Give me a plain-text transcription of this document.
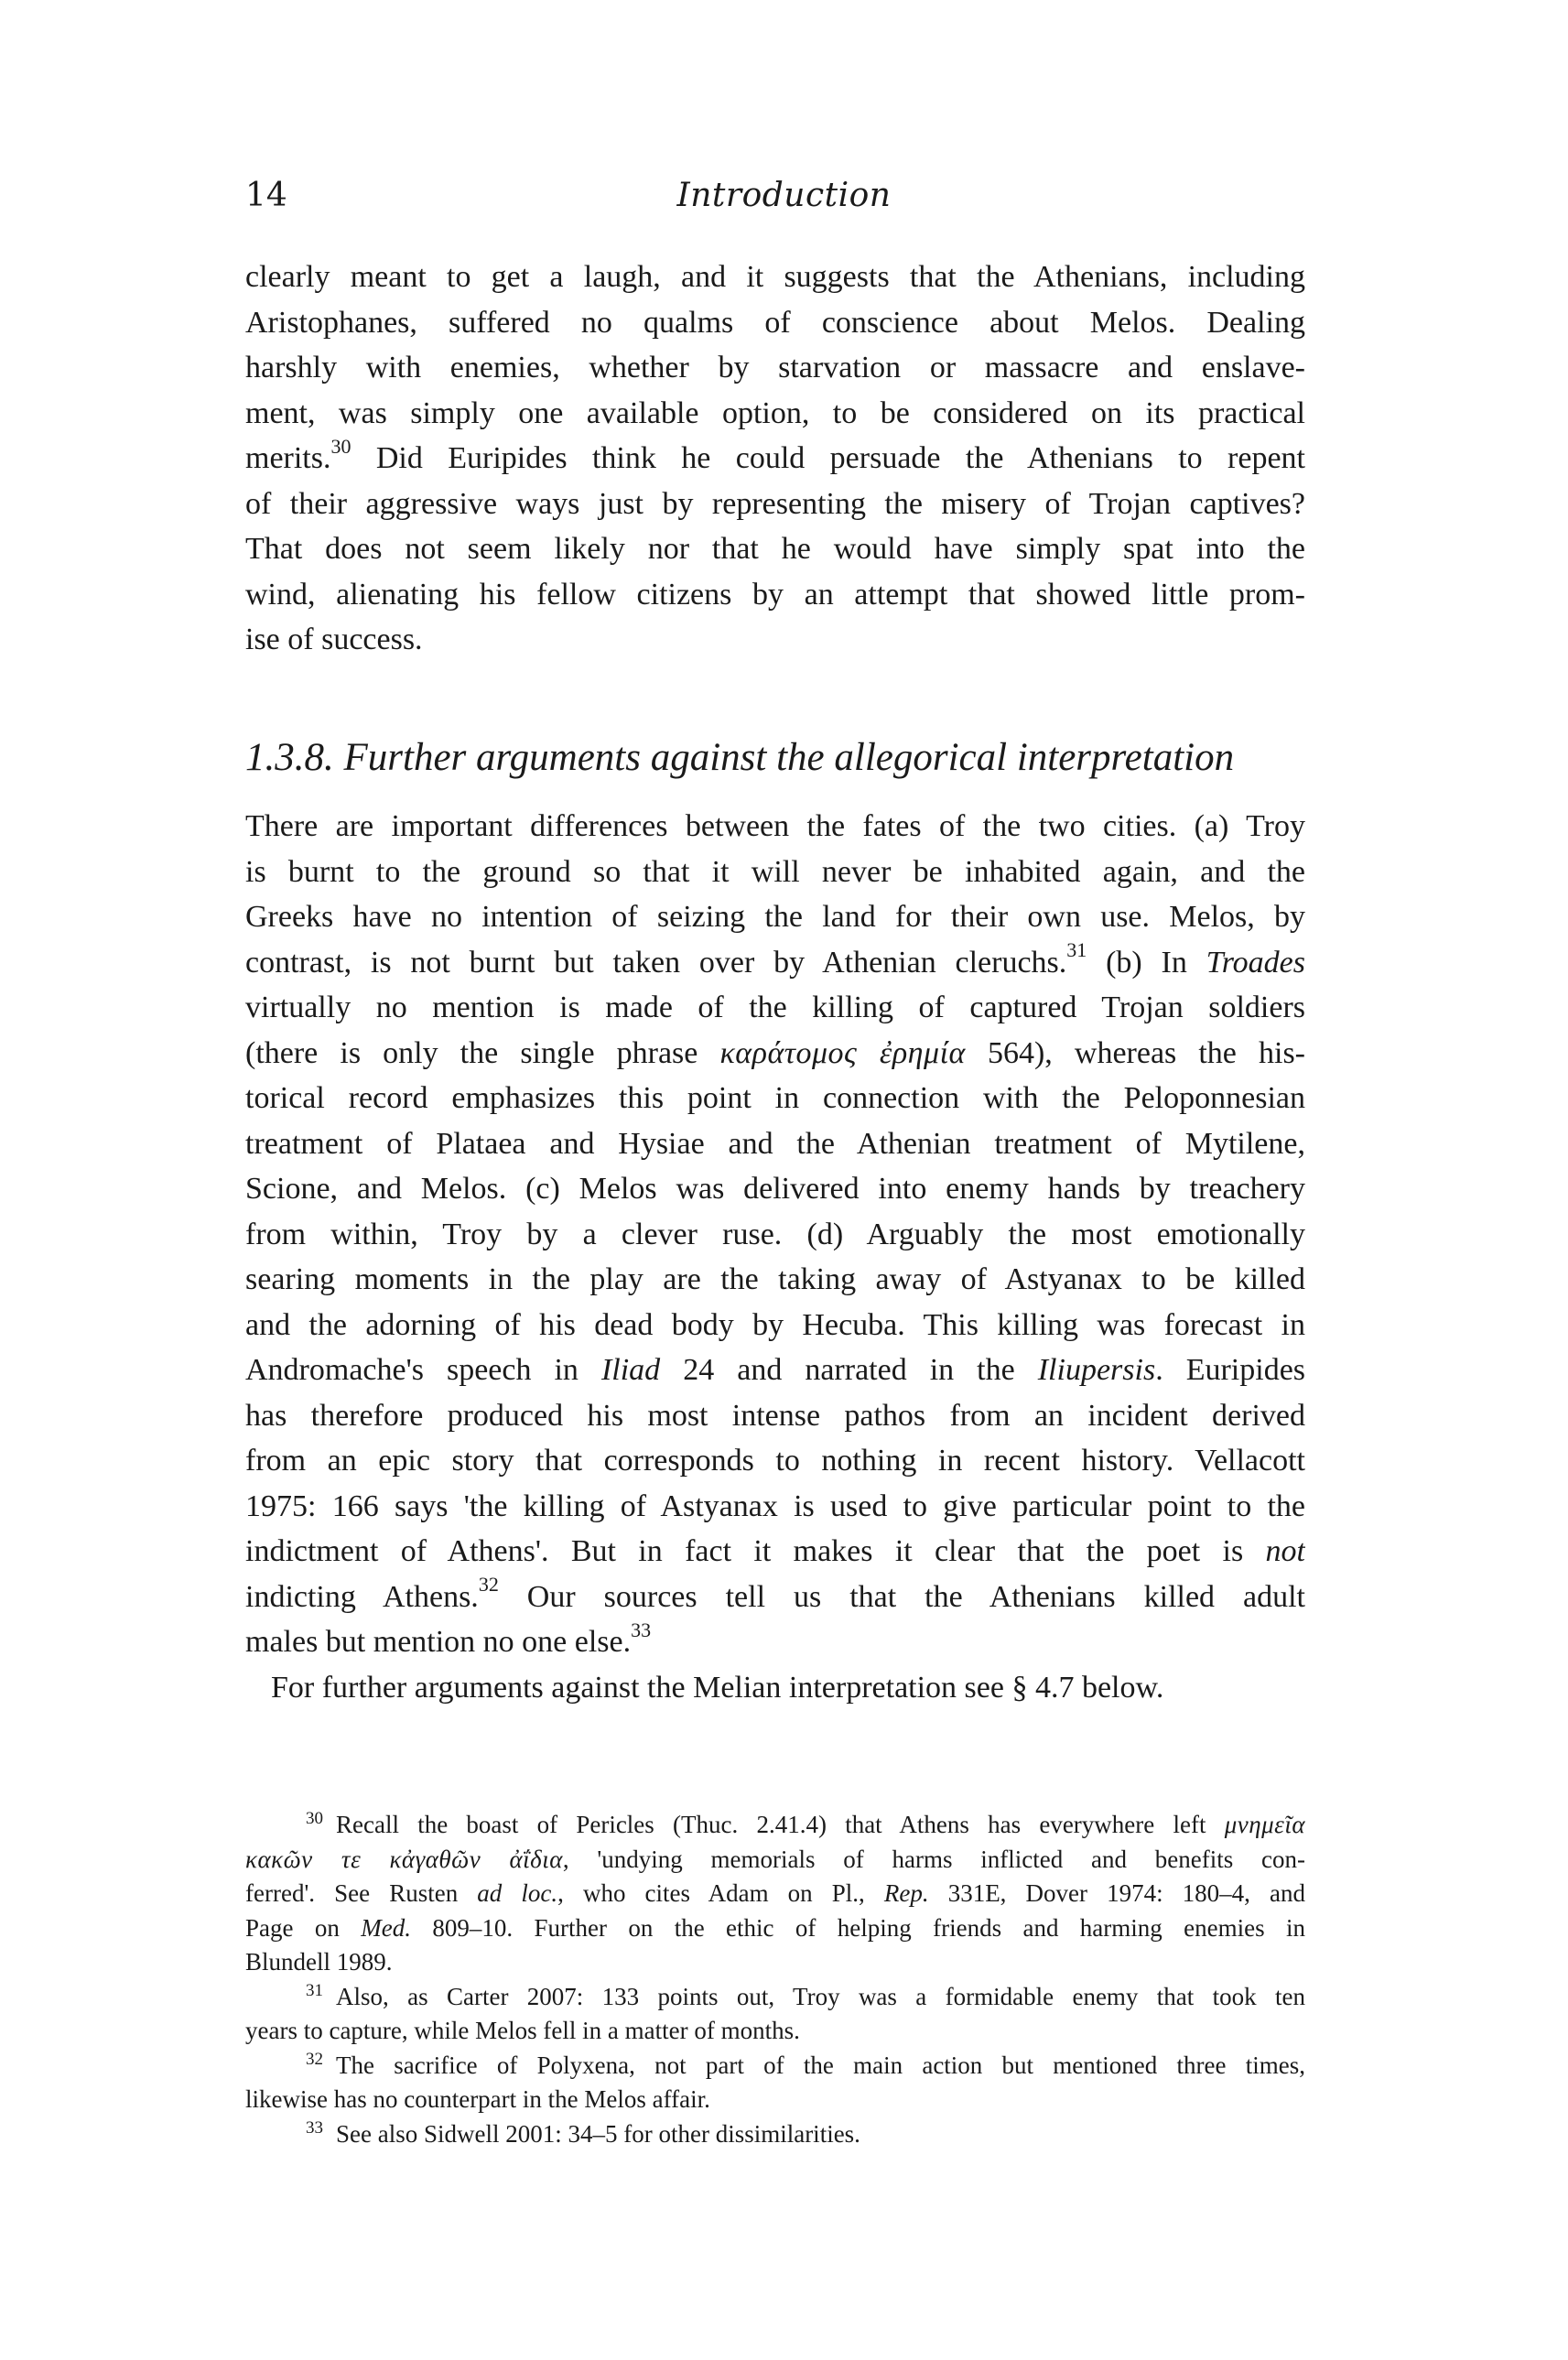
14	Introduction
clearly meant to get a laugh, and it suggests that the Athenians, including
Aristophanes, suffered no qualms of conscience about Melos. Dealing
harshly with enemies, whether by starvation or massacre and enslave-
ment, was simply one available option, to be considered on its practical
merits.$^{30}$ Did Euripides think he could persuade the Athenians to repent
of their aggressive ways just by representing the misery of Trojan captives?
That does not seem likely nor that he would have simply spat into the
wind, alienating his fellow citizens by an attempt that showed little prom-
ise of success.
1.3.8. Further arguments against the allegorical interpretation
There are important differences between the fates of the two cities. (a) Troy
is burnt to the ground so that it will never be inhabited again, and the
Greeks have no intention of seizing the land for their own use. Melos, by
contrast, is not burnt but taken over by Athenian cleruchs.$^{31}$ (b) In Troades
virtually no mention is made of the killing of captured Trojan soldiers
(there is only the single phrase καράτομος ἐρημία 564), whereas the his-
torical record emphasizes this point in connection with the Peloponnesian
treatment of Plataea and Hysiae and the Athenian treatment of Mytilene,
Scione, and Melos. (c) Melos was delivered into enemy hands by treachery
from within, Troy by a clever ruse. (d) Arguably the most emotionally
searing moments in the play are the taking away of Astyanax to be killed
and the adorning of his dead body by Hecuba. This killing was forecast in
Andromache's speech in Iliad 24 and narrated in the Iliupersis. Euripides
has therefore produced his most intense pathos from an incident derived
from an epic story that corresponds to nothing in recent history. Vellacott
1975: 166 says 'the killing of Astyanax is used to give particular point to the
indictment of Athens'. But in fact it makes it clear that the poet is not
indicting Athens.$^{32}$ Our sources tell us that the Athenians killed adult
males but mention no one else.$^{33}$
For further arguments against the Melian interpretation see § 4.7 below.
$^{30}$ Recall the boast of Pericles (Thuc. 2.41.4) that Athens has everywhere left μνημεῖα
κακῶν τε κἀγαθῶν ἀΐδια, 'undying memorials of harms inflicted and benefits con-
ferred'. See Rusten ad loc., who cites Adam on Pl., Rep. 331E, Dover 1974: 180–4, and
Page on Med. 809–10. Further on the ethic of helping friends and harming enemies in
Blundell 1989.
$^{31}$ Also, as Carter 2007: 133 points out, Troy was a formidable enemy that took ten
years to capture, while Melos fell in a matter of months.
$^{32}$ The sacrifice of Polyxena, not part of the main action but mentioned three times,
likewise has no counterpart in the Melos affair.
$^{33}$ See also Sidwell 2001: 34–5 for other dissimilarities.
